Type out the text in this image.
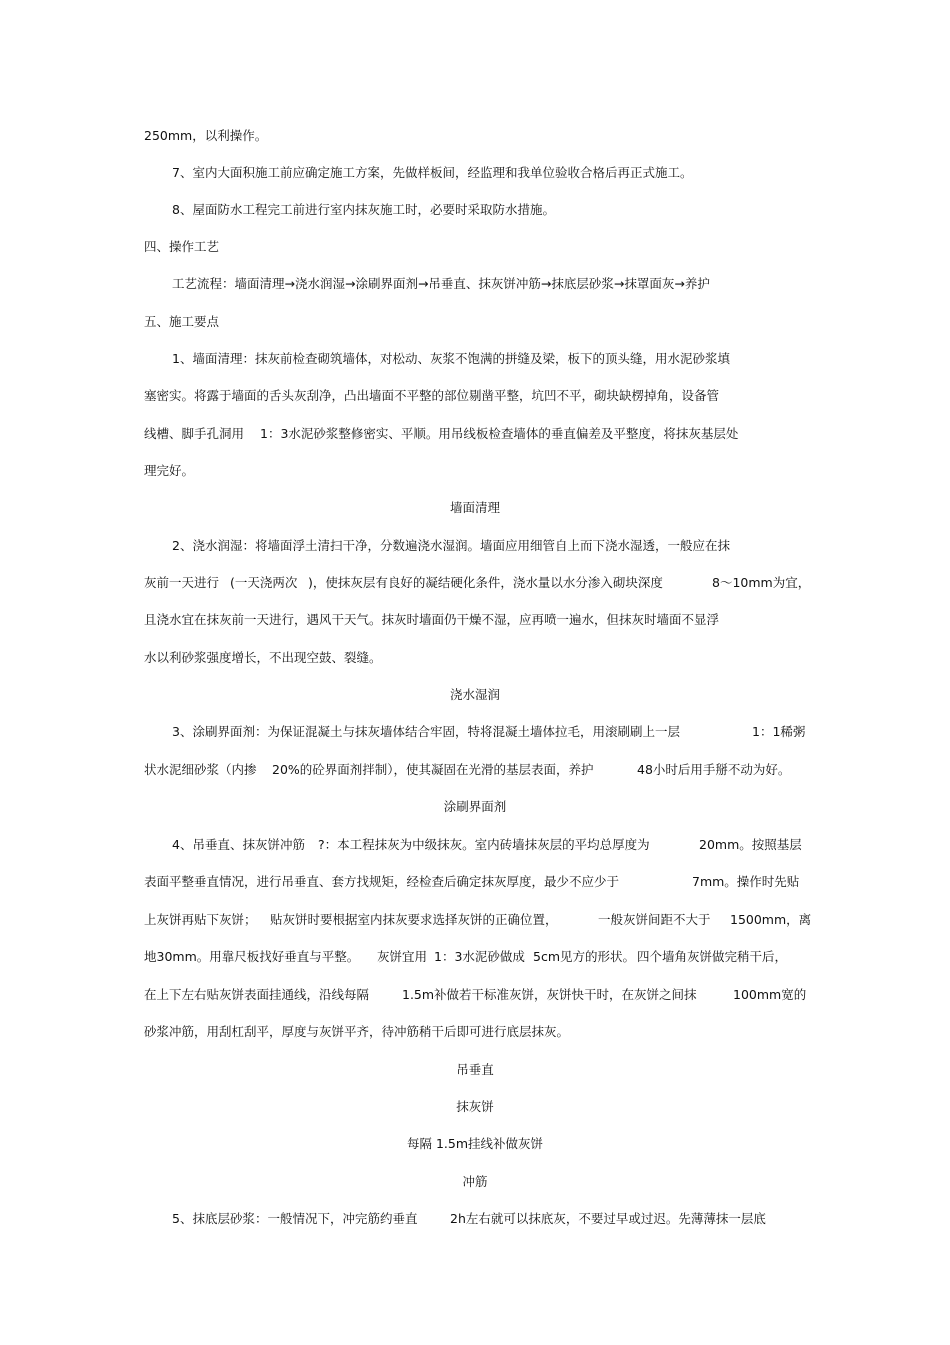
250mm，以利操作。
7、室内大面积施工前应确定施工方案，先做样板间，经监理和我单位验收合格后再正式施工。
8、屋面防水工程完工前进行室内抹灰施工时，必要时采取防水措施。
四、操作工艺
工艺流程：墙面清理→浇水润湿→涂刷界面剂→吊垂直、抹灰饼冲筋→抹底层砂浆→抹罩面灰→养护
五、施工要点
1、墙面清理：抹灰前检查砌筑墙体，对松动、灰浆不饱满的拼缝及梁，板下的顶头缝，用水泥砂浆填
塞密实。将露于墙面的舌头灰刮净，凸出墙面不平整的部位剔凿平整，坑凹不平，砌块缺楞掉角，设备管
线槽、脚手孔洞用 1：3水泥砂浆整修密实、平顺。用吊线板检查墙体的垂直偏差及平整度，将抹灰基层处
理完好。
墙面清理
2、浇水润湿：将墙面浮土清扫干净，分数遍浇水湿润。墙面应用细管自上而下浇水湿透，一般应在抹
灰前一天进行 (一天浇两次 )，使抹灰层有良好的凝结硬化条件，浇水量以水分渗入砌块深度	8～10mm为宜，
且浇水宜在抹灰前一天进行，遇风干天气。抹灰时墙面仍干燥不湿，应再喷一遍水，但抹灰时墙面不显浮
水以利砂浆强度增长，不出现空鼓、裂缝。
浇水湿润
3、涂刷界面剂：为保证混凝土与抹灰墙体结合牢固，特将混凝土墙体拉毛，用滚刷刷上一层	1：1稀粥
状水泥细砂浆（内掺 20%的砼界面剂拌制），使其凝固在光滑的基层表面，养护	48小时后用手掰不动为好。
涂刷界面剂
4、吊垂直、抹灰饼冲筋 ?：本工程抹灰为中级抹灰。室内砖墙抹灰层的平均总厚度为	20mm。按照基层
表面平整垂直情况，进行吊垂直、套方找规矩，经检查后确定抹灰厚度，最少不应少于	7mm。操作时先贴
上灰饼再贴下灰饼； 贴灰饼时要根据室内抹灰要求选择灰饼的正确位置，	一般灰饼间距不大于 1500mm，离
地30mm。用靠尺板找好垂直与平整。 灰饼宜用 1：3水泥砂做成 5cm见方的形状。 四个墙角灰饼做完稍干后，
在上下左右贴灰饼表面挂通线，沿线每隔	1.5m补做若干标准灰饼，灰饼快干时，在灰饼之间抹	100mm宽的
砂浆冲筋，用刮杠刮平，厚度与灰饼平齐，待冲筋稍干后即可进行底层抹灰。
吊垂直
抹灰饼
每隔 1.5m挂线补做灰饼
冲筋
5、抹底层砂浆：一般情况下，冲完筋约垂直	2h左右就可以抹底灰，不要过早或过迟。先薄薄抹一层底
